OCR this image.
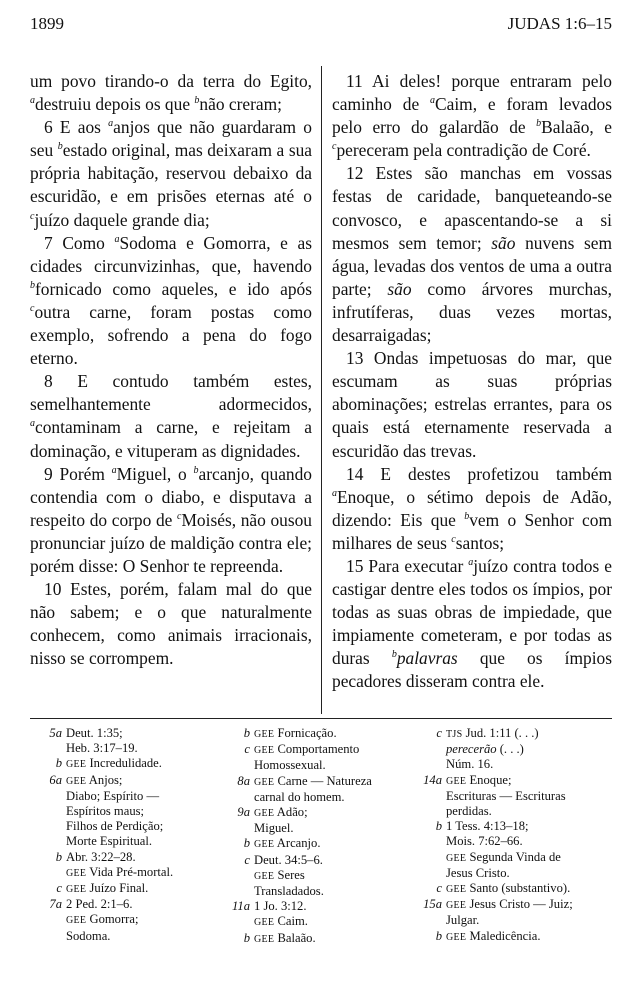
1899	JUDAS 1:6–15

um povo tirando-o da terra do Egito, $^a$destruiu depois os que $^b$não creram;

6 E aos $^a$anjos que não guardaram o seu $^b$estado original, mas deixaram a sua própria habitação, reservou debaixo da escuridão, e em prisões eternas até o $^c$juízo daquele grande dia;

7 Como $^a$Sodoma e Gomorra, e as cidades circunvizinhas, que, havendo $^b$fornicado como aqueles, e ido após $^c$outra carne, foram postas como exemplo, sofrendo a pena do fogo eterno.

8 E contudo também estes, semelhantemente adormecidos, $^a$contaminam a carne, e rejeitam a dominação, e vituperam as dignidades.

9 Porém $^a$Miguel, o $^b$arcanjo, quando contendia com o diabo, e disputava a respeito do corpo de $^c$Moisés, não ousou pronunciar juízo de maldição contra ele; porém disse: O Senhor te repreenda.

10 Estes, porém, falam mal do que não sabem; e o que naturalmente conhecem, como animais irracionais, nisso se corrompem.

11 Ai deles! porque entraram pelo caminho de $^a$Caim, e foram levados pelo erro do galardão de $^b$Balaão, e $^c$pereceram pela contradição de Coré.

12 Estes são manchas em vossas festas de caridade, banqueteando-se convosco, e apascentando-se a si mesmos sem temor; são nuvens sem água, levadas dos ventos de uma a outra parte; são como árvores murchas, infrutíferas, duas vezes mortas, desarraigadas;

13 Ondas impetuosas do mar, que escumam as suas próprias abominações; estrelas errantes, para os quais está eternamente reservada a escuridão das trevas.

14 E destes profetizou também $^a$Enoque, o sétimo depois de Adão, dizendo: Eis que $^b$vem o Senhor com milhares de seus $^c$santos;

15 Para executar $^a$juízo contra todos e castigar dentre eles todos os ímpios, por todas as suas obras de impiedade, que impiamente cometeram, e por todas as duras $^b$palavras que os ímpios pecadores disseram contra ele.

5a Deut. 1:35;
Heb. 3:17–19.
b GEE Incredulidade.
6a GEE Anjos;
Diabo; Espírito —
Espíritos maus;
Filhos de Perdição;
Morte Espiritual.
b Abr. 3:22–28.
GEE Vida Pré-mortal.
c GEE Juízo Final.
7a 2 Ped. 2:1–6.
GEE Gomorra;
Sodoma.
b GEE Fornicação.
c GEE Comportamento
Homossexual.
8a GEE Carne — Natureza
carnal do homem.
9a GEE Adão;
Miguel.
b GEE Arcanjo.
c Deut. 34:5–6.
GEE Seres
Transladados.
11a 1 Jo. 3:12.
GEE Caim.
b GEE Balaão.
c TJS Jud. 1:11 (. . .)
perecerão (. . .)
Núm. 16.
14a GEE Enoque;
Escrituras — Escrituras
perdidas.
b 1 Tess. 4:13–18;
Mois. 7:62–66.
GEE Segunda Vinda de
Jesus Cristo.
c GEE Santo (substantivo).
15a GEE Jesus Cristo — Juiz;
Julgar.
b GEE Maledicência.
